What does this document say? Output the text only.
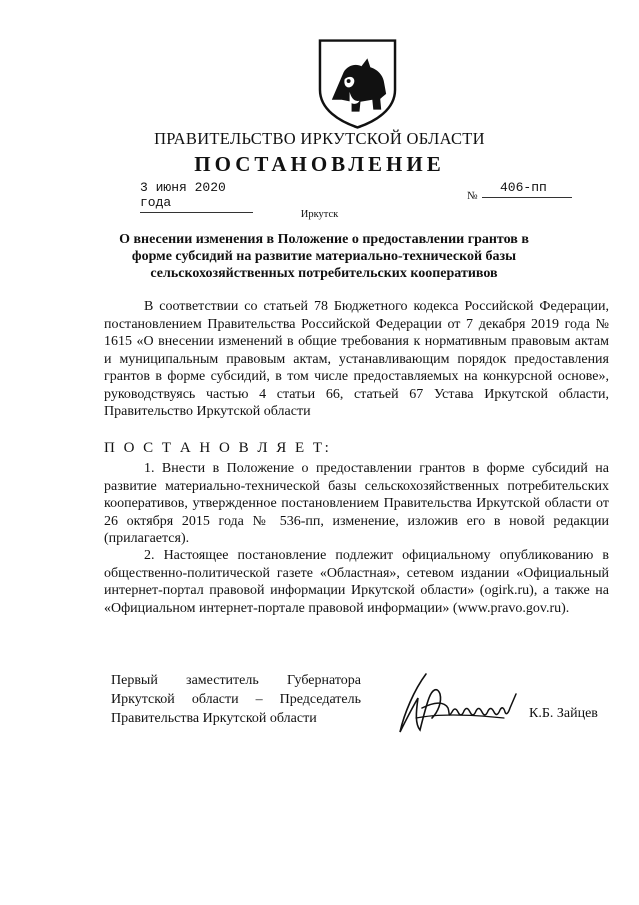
ПРАВИТЕЛЬСТВО ИРКУТСКОЙ ОБЛАСТИ
ПОСТАНОВЛЕНИЕ
3 июня 2020 года	№
406-пп
Иркутск
О внесении изменения в Положение о предоставлении грантов в форме субсидий на развитие материально-технической базы сельскохозяйственных потребительских кооперативов

В соответствии со статьей 78 Бюджетного кодекса Российской Федерации, постановлением Правительства Российской Федерации от 7 декабря 2019 года № 1615 «О внесении изменений в общие требования к нормативным правовым актам и муниципальным правовым актам, устанавливающим порядок предоставления грантов в форме субсидий, в том числе предоставляемых на конкурсной основе», руководствуясь частью 4 статьи 66, статьей 67 Устава Иркутской области, Правительство Иркутской области

П О С Т А Н О В Л Я Е Т:

1. Внести в Положение о предоставлении грантов в форме субсидий на развитие материально-технической базы сельскохозяйственных потребительских кооперативов, утвержденное постановлением Правительства Иркутской области от 26 октября 2015 года № 536-пп, изменение, изложив его в новой редакции (прилагается).

2. Настоящее постановление подлежит официальному опубликованию в общественно-политической газете «Областная», сетевом издании «Официальный интернет-портал правовой информации Иркутской области» (ogirk.ru), а также на «Официальном интернет-портале правовой информации» (www.pravo.gov.ru).

Первый заместитель Губернатора
Иркутской области – Председатель
Правительства Иркутской области	К.Б. Зайцев
